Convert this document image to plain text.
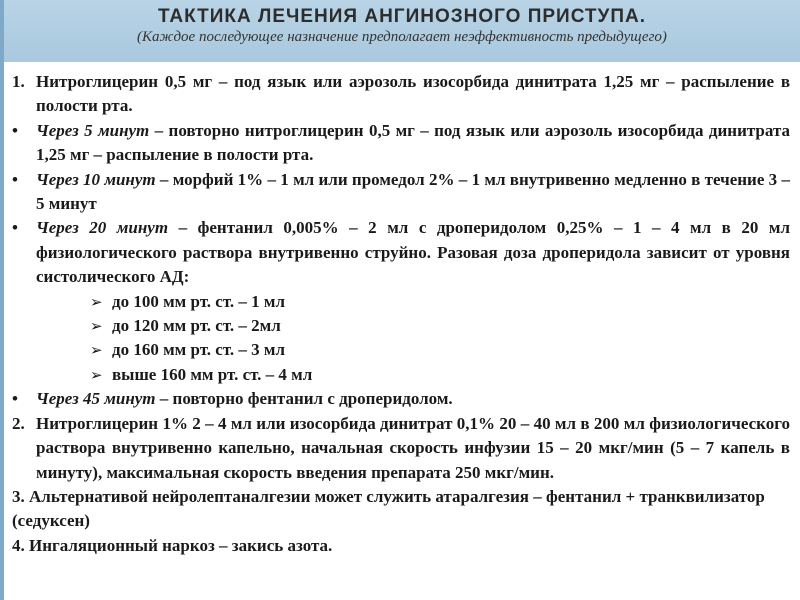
ТАКТИКА ЛЕЧЕНИЯ АНГИНОЗНОГО ПРИСТУПА.
(Каждое последующее назначение предполагает неэффективность предыдущего)
1. Нитроглицерин 0,5 мг – под язык или аэрозоль изосорбида динитрата 1,25 мг – распыление в полости рта.
•	Через 5 минут – повторно нитроглицерин 0,5 мг – под язык или аэрозоль изосорбида динитрата 1,25 мг – распыление в полости рта.
•	Через 10 минут – морфий 1% – 1 мл или промедол 2% – 1 мл внутривенно медленно в течение 3 – 5 минут
•	Через 20 минут – фентанил 0,005% – 2 мл с дроперидолом 0,25% – 1 – 4 мл в 20 мл физиологического раствора внутривенно струйно. Разовая доза дроперидола зависит от уровня систолического АД:
➢ до 100 мм рт. ст. – 1 мл
➢ до 120 мм рт. ст. – 2мл
➢ до 160 мм рт. ст. – 3 мл
➢ выше 160 мм рт. ст. – 4 мл
•	Через 45 минут – повторно фентанил с дроперидолом.
2. Нитроглицерин 1% 2 – 4 мл или изосорбида динитрат 0,1% 20 – 40 мл в 200 мл физиологического раствора внутривенно капельно, начальная скорость инфузии 15 – 20 мкг/мин (5 – 7 капель в минуту), максимальная скорость введения препарата 250 мкг/мин.
3. Альтернативой нейролептаналгезии может служить атаралгезия – фентанил + транквилизатор (седуксен)
4. Ингаляционный наркоз – закись азота.
